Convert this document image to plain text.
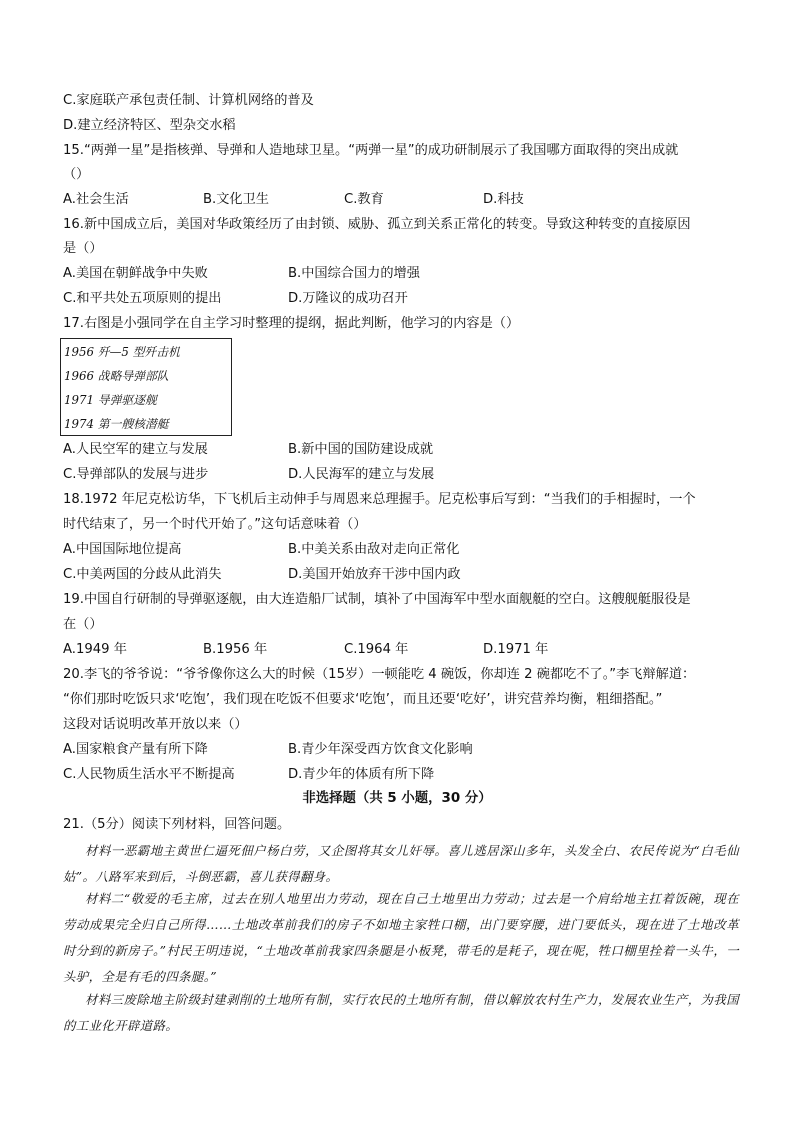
C.家庭联产承包责任制、计算机网络的普及
D.建立经济特区、型杂交水稻
15.“两弹一星”是指核弹、导弹和人造地球卫星。“两弹一星”的成功研制展示了我国哪方面取得的突出成就
（）
A.社会生活	B.文化卫生	C.教育	D.科技
16.新中国成立后，美国对华政策经历了由封锁、威胁、孤立到关系正常化的转变。导致这种转变的直接原因
是（）
A.美国在朝鲜战争中失败	B.中国综合国力的增强
C.和平共处五项原则的提出	D.万隆议的成功召开
17.右图是小强同学在自主学习时整理的提纲，据此判断，他学习的内容是（）
1956 歼—5 型歼击机
1966 战略导弹部队
1971 导弹驱逐舰
1974 第一艘核潜艇
A.人民空军的建立与发展	B.新中国的国防建设成就
C.导弹部队的发展与进步	D.人民海军的建立与发展
18.1972 年尼克松访华，下飞机后主动伸手与周恩来总理握手。尼克松事后写到：“当我们的手相握时，一个
时代结束了，另一个时代开始了。”这句话意味着（）
A.中国国际地位提高	B.中美关系由敌对走向正常化
C.中美两国的分歧从此消失	D.美国开始放弃干涉中国内政
19.中国自行研制的导弹驱逐舰，由大连造船厂试制，填补了中国海军中型水面舰艇的空白。这艘舰艇服役是
在（）
A.1949 年	B.1956 年	C.1964 年	D.1971 年
20.李飞的爷爷说：“爷爷像你这么大的时候（15岁）一顿能吃 4 碗饭，你却连 2 碗都吃不了。”李飞辩解道：
“你们那时吃饭只求‘吃饱’，我们现在吃饭不但要求‘吃饱’，而且还要‘吃好’，讲究营养均衡，粗细搭配。”
这段对话说明改革开放以来（）
A.国家粮食产量有所下降	B.青少年深受西方饮食文化影响
C.人民物质生活水平不断提高	D.青少年的体质有所下降
非选择题（共 5 小题，30 分）
21.（5分）阅读下列材料，回答问题。
材料一恶霸地主黄世仁逼死佃户杨白劳，又企图将其女儿奸辱。喜儿逃居深山多年，头发全白、农民传说为“白毛仙姑”。八路军来到后，斗倒恶霸，喜儿获得翻身。
材料二“敬爱的毛主席，过去在别人地里出力劳动，现在自己土地里出力劳动；过去是一个肩给地主扛着饭碗，现在劳动成果完全归自己所得……土地改革前我们的房子不如地主家牲口棚，出门要穿腰，进门要低头，现在进了土地改革时分到的新房子。”村民王明违说，“土地改革前我家四条腿是小板凳，带毛的是耗子，现在呢，牲口棚里拴着一头牛，一头驴，全是有毛的四条腿。”
材料三废除地主阶级封建剥削的土地所有制，实行农民的土地所有制，借以解放农村生产力，发展农业生产，为我国的工业化开辟道路。
